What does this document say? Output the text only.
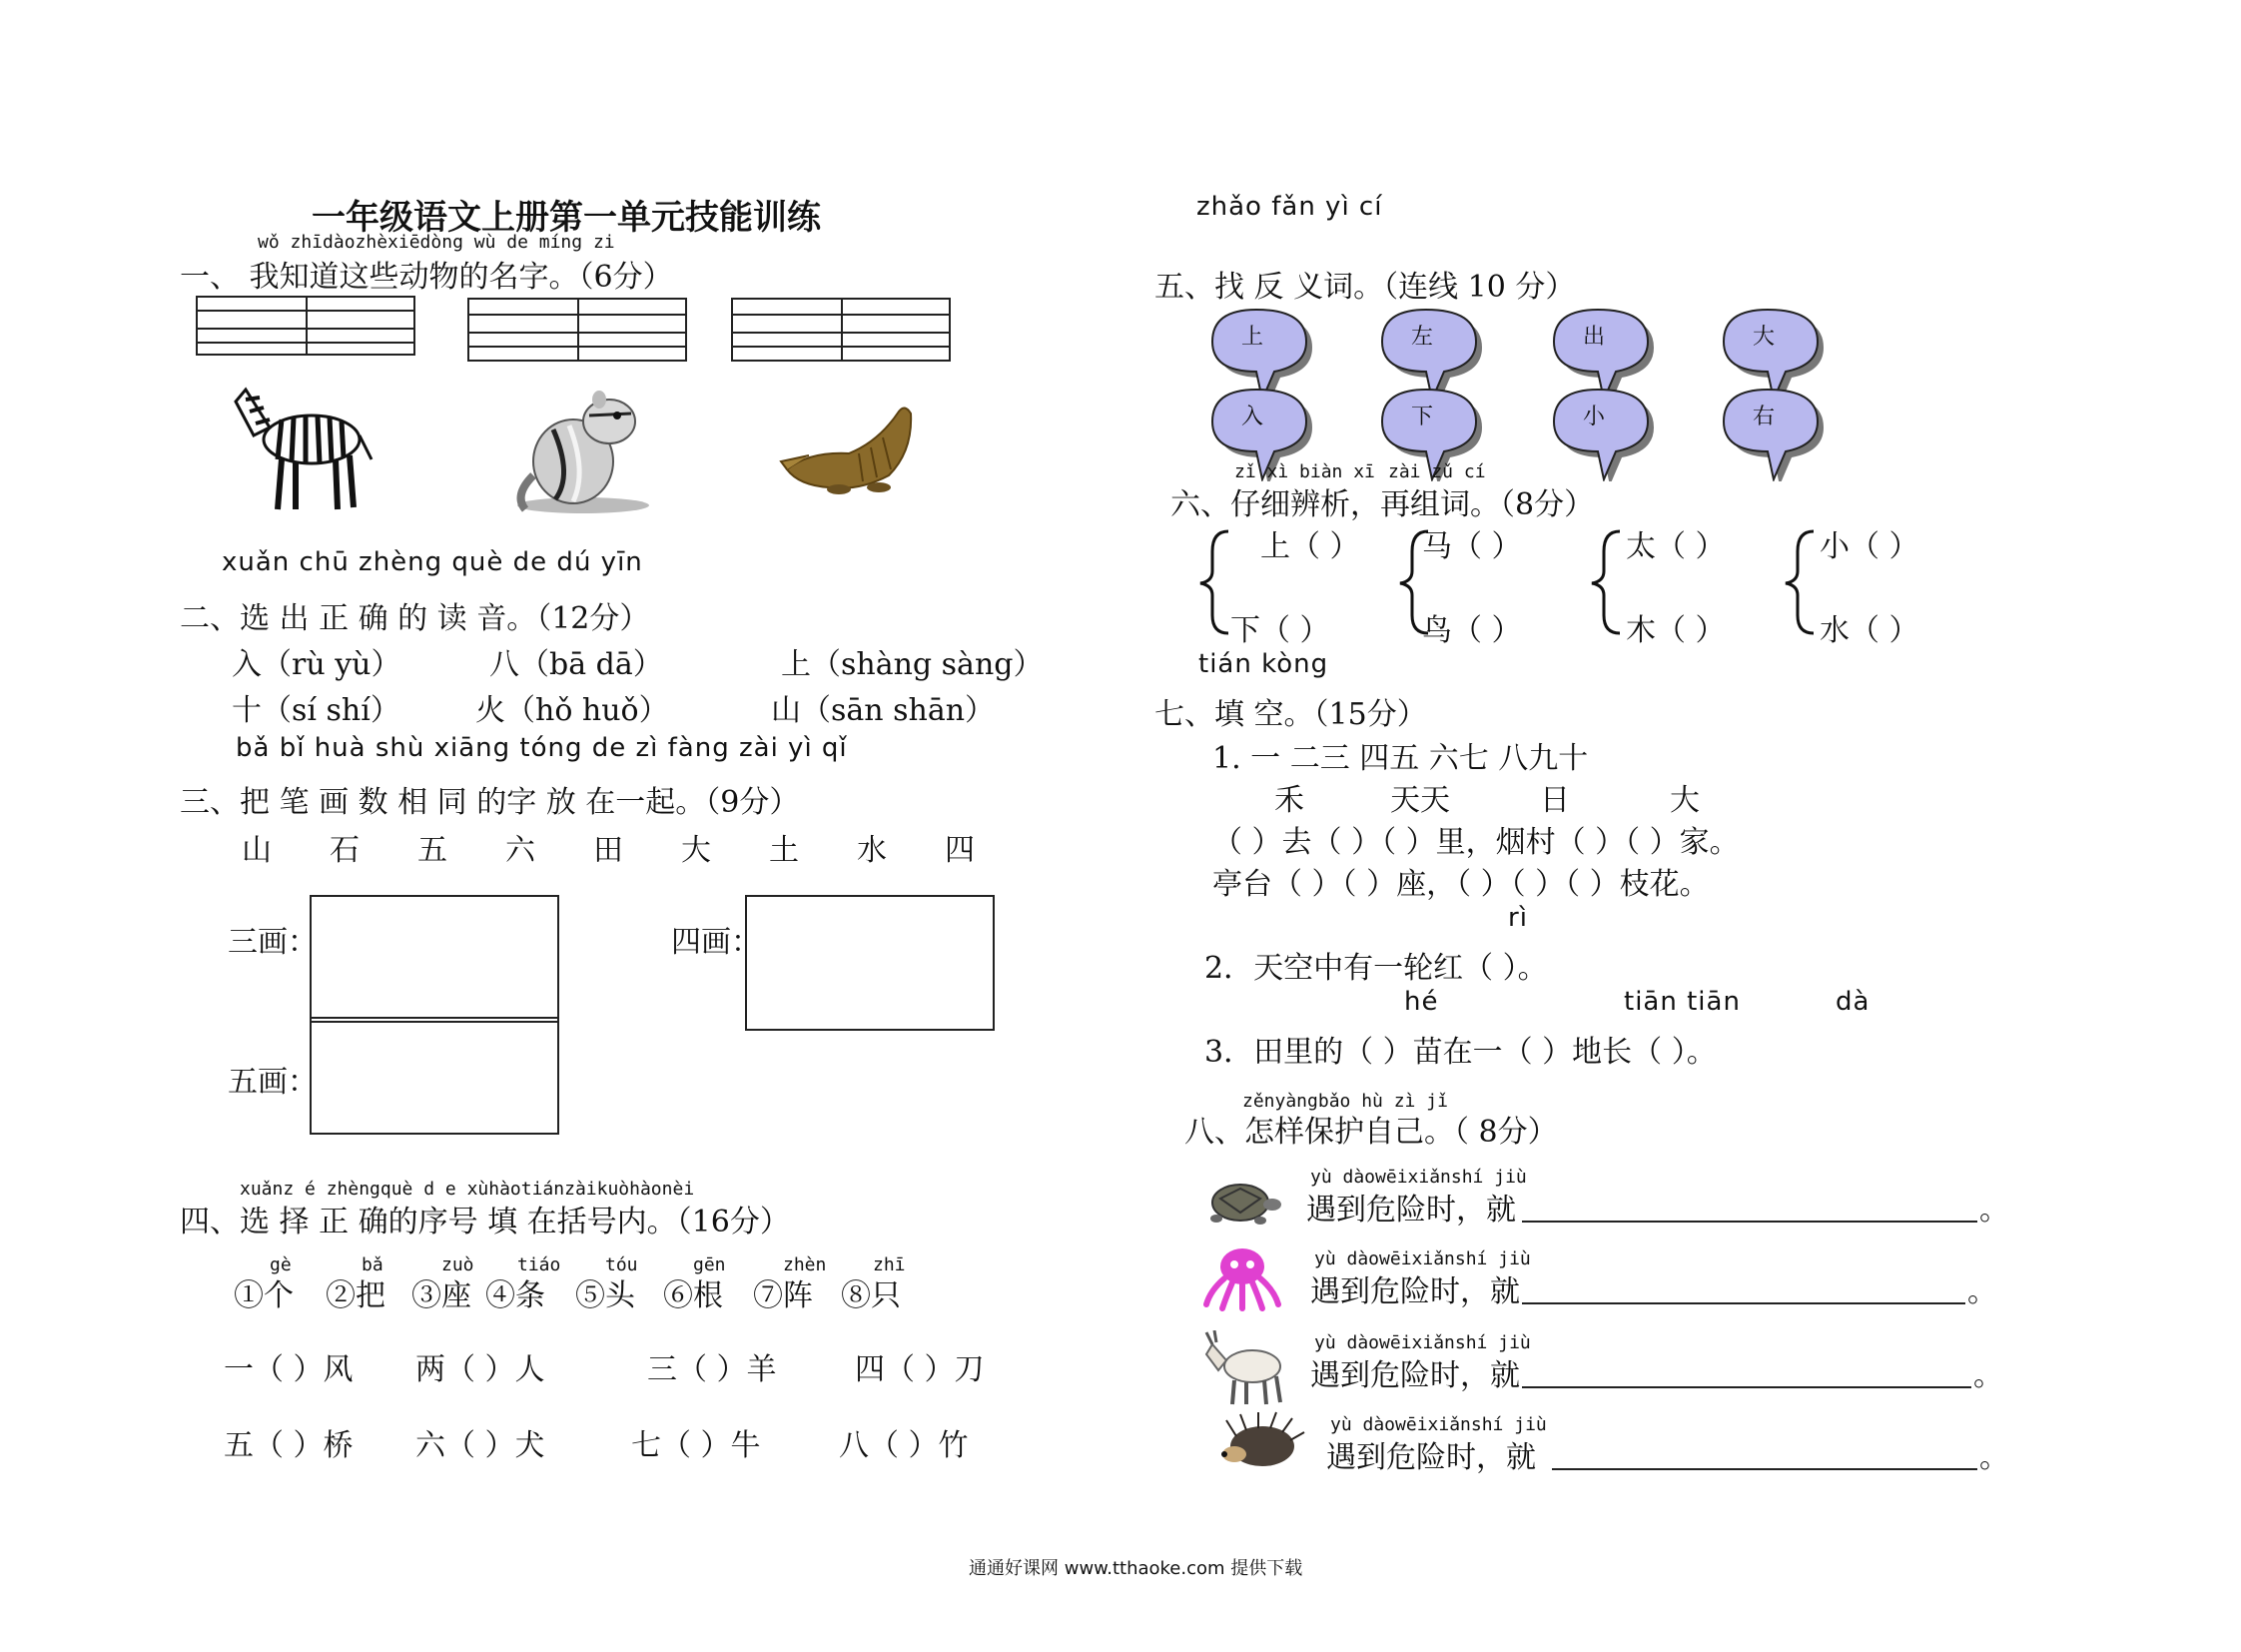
一年级语文上册第一单元技能训练
wǒ zhīdàozhèxiēdòng wù de míng zi
一、 我知道这些动物的名字。（6分）
xuǎn chū zhèng què de dú yīn
二、选 出 正 确 的 读 音。（12分）
入（rù yù）	八（bā dā）	上（shàng sàng）
十（sí shí）	火（hǒ huǒ）	山（sān shān）
bǎ bǐ huà shù xiāng tóng de zì fàng zài yì qǐ
三、把 笔 画 数 相 同 的字 放 在一起。（9分）
山 石 五 六 田 大 土 水 四
三画：	四画：
五画：
xuǎnz é zhèngquè d e xùhàotiánzàikuòhàonèi
四、选 择 正 确的序号 填 在括号内。（16分）
gè	bǎ	zuò tiáo tóu	gēn	zhèn	zhī
①个 ②把 ③座 ④条 ⑤头 ⑥根 ⑦阵 ⑧只
一（ ）风 两（ ）人	三（ ）羊	四（ ）刀
五（ ）桥 六（ ）犬	七（ ）牛	八（ ）竹
zhǎo fǎn yì cí
五、找 反 义词。（连线 10 分）
上	左	出	大
入	下	小	右
zǐ xì biàn xī zài zǔ cí
六、仔细辨析，再组词。（8分）
上（ ） 马（ ）	太（ ）	小（ ）
下（ ）	鸟（ ）	木（ ）	水（ ）
tián kòng
七、填 空。（15分）
1. 一 二三 四五 六七 八九十
禾	天天	日	大
（ ）去（ ）（ ）里，烟村（ ）（ ）家。
亭台（ ）（ ）座，（ ）（ ）（ ）枝花。
rì
2．天空中有一轮红（ ）。
hé	tiān tiān	dà
3．田里的（ ）苗在一（ ）地长（ ）。
zěnyàngbǎo hù zì jǐ
八、怎样保护自己。（ 8分）
yù dàowēixiǎnshí jiù
遇到危险时，就	。
yù dàowēixiǎnshí jiù
遇到危险时，就	。
yù dàowēixiǎnshí jiù
遇到危险时，就	。
yù dàowēixiǎnshí jiù
遇到危险时，就	。
通通好课网 www.tthaoke.com 提供下载
